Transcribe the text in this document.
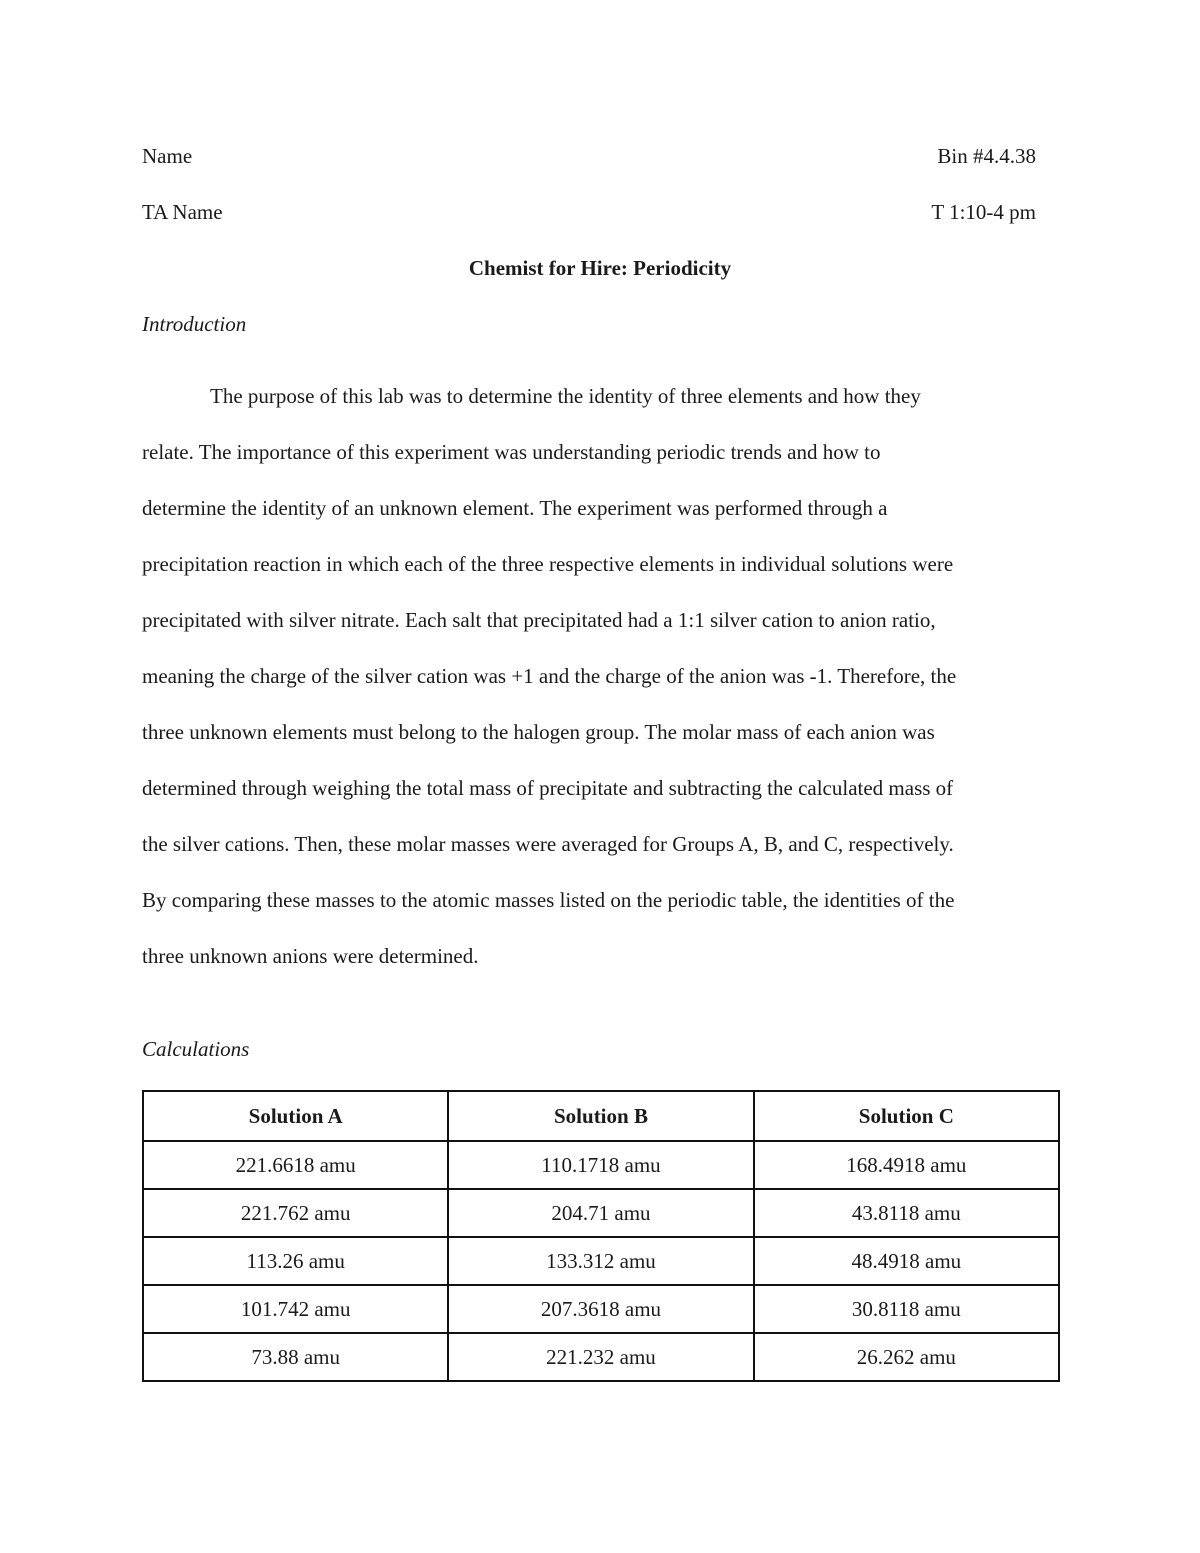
Name	Bin #4.4.38
TA Name	T 1:10-4 pm
Chemist for Hire: Periodicity
Introduction

The purpose of this lab was to determine the identity of three elements and how they
relate. The importance of this experiment was understanding periodic trends and how to
determine the identity of an unknown element. The experiment was performed through a
precipitation reaction in which each of the three respective elements in individual solutions were
precipitated with silver nitrate. Each salt that precipitated had a 1:1 silver cation to anion ratio,
meaning the charge of the silver cation was +1 and the charge of the anion was -1. Therefore, the
three unknown elements must belong to the halogen group. The molar mass of each anion was
determined through weighing the total mass of precipitate and subtracting the calculated mass of
the silver cations. Then, these molar masses were averaged for Groups A, B, and C, respectively.
By comparing these masses to the atomic masses listed on the periodic table, the identities of the
three unknown anions were determined.

Calculations
Solution A	Solution B	Solution C
221.6618 amu	110.1718 amu	168.4918 amu
221.762 amu	204.71 amu	43.8118 amu
113.26 amu	133.312 amu	48.4918 amu
101.742 amu	207.3618 amu	30.8118 amu
73.88 amu	221.232 amu	26.262 amu
